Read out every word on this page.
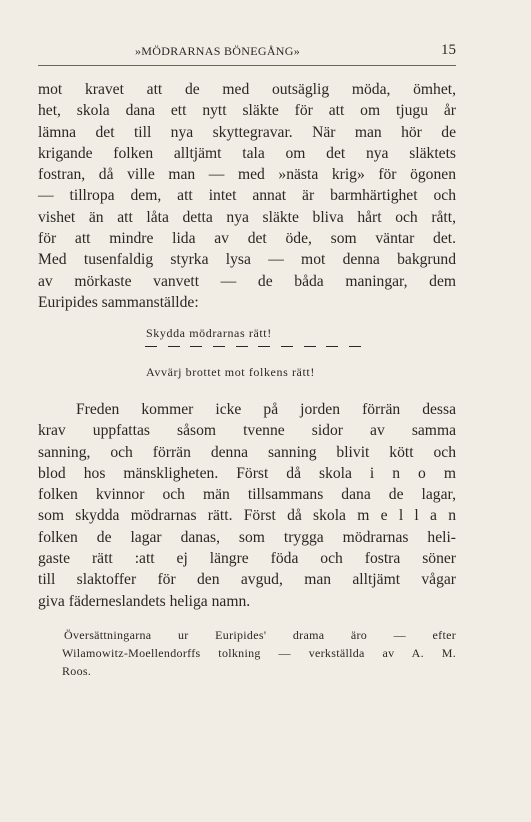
»MÖDRARNAS BÖNEGÅNG»	15
mot kravet att de med outsäglig möda, ömhet,
het, skola dana ett nytt släkte för att om tjugu år
lämna det till nya skyttegravar. När man hör de
krigande folken alltjämt tala om det nya släktets
fostran, då ville man — med »nästa krig» för ögonen
— tillropa dem, att intet annat är barmhärtighet och
vishet än att låta detta nya släkte bliva hårt och rått,
för att mindre lida av det öde, som väntar det.
Med tusenfaldig styrka lysa — mot denna bakgrund
av mörkaste vanvett — de båda maningar, dem
Euripides sammanställde:
Skydda mödrarnas rätt!
Avvärj brottet mot folkens rätt!
Freden kommer icke på jorden förrän dessa
krav uppfattas såsom tvenne sidor av samma
sanning, och förrän denna sanning blivit kött och
blod hos mänskligheten. Först då skola i n o m
folken kvinnor och män tillsammans dana de lagar,
som skydda mödrarnas rätt. Först då skola m e l l a n
folken de lagar danas, som trygga mödrarnas heli-
gaste rätt :att ej längre föda och fostra söner
till slaktoffer för den avgud, man alltjämt vågar
giva fäderneslandets heliga namn.
Översättningarna ur Euripides' drama äro — efter
Wilamowitz-Moellendorffs tolkning — verkställda av A. M.
Roos.
